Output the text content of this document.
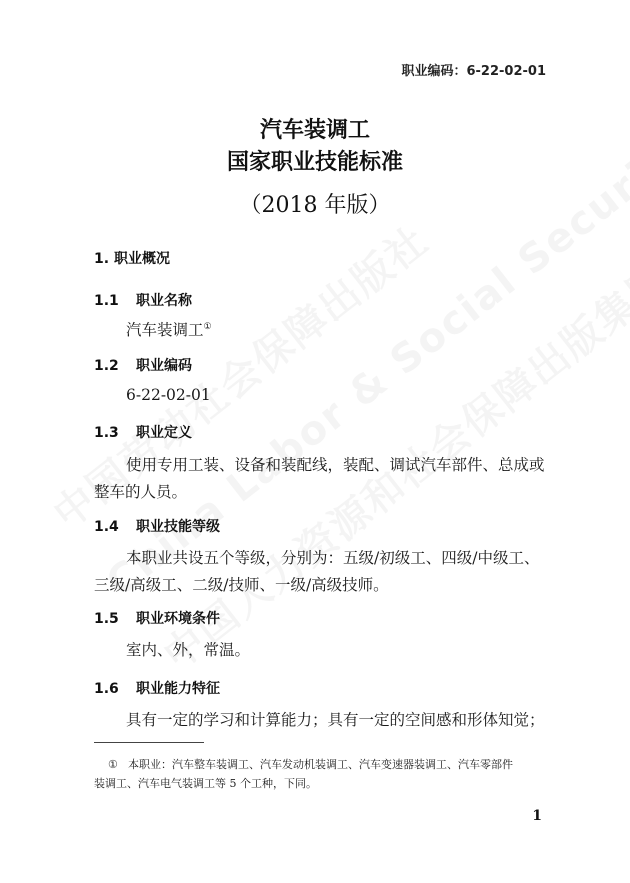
职业编码：6-22-02-01
汽车装调工
国家职业技能标准
（2018 年版）
1. 职业概况
1.1 职业名称
汽车装调工①
1.2 职业编码
6-22-02-01
1.3 职业定义
使用专用工装、设备和装配线，装配、调试汽车部件、总成或
整车的人员。
1.4 职业技能等级
本职业共设五个等级，分别为：五级/初级工、四级/中级工、
三级/高级工、二级/技师、一级/高级技师。
1.5 职业环境条件
室内、外，常温。
1.6 职业能力特征
具有一定的学习和计算能力；具有一定的空间感和形体知觉；
① 本职业：汽车整车装调工、汽车发动机装调工、汽车变速器装调工、汽车零部件
装调工、汽车电气装调工等 5 个工种，下同。
1
